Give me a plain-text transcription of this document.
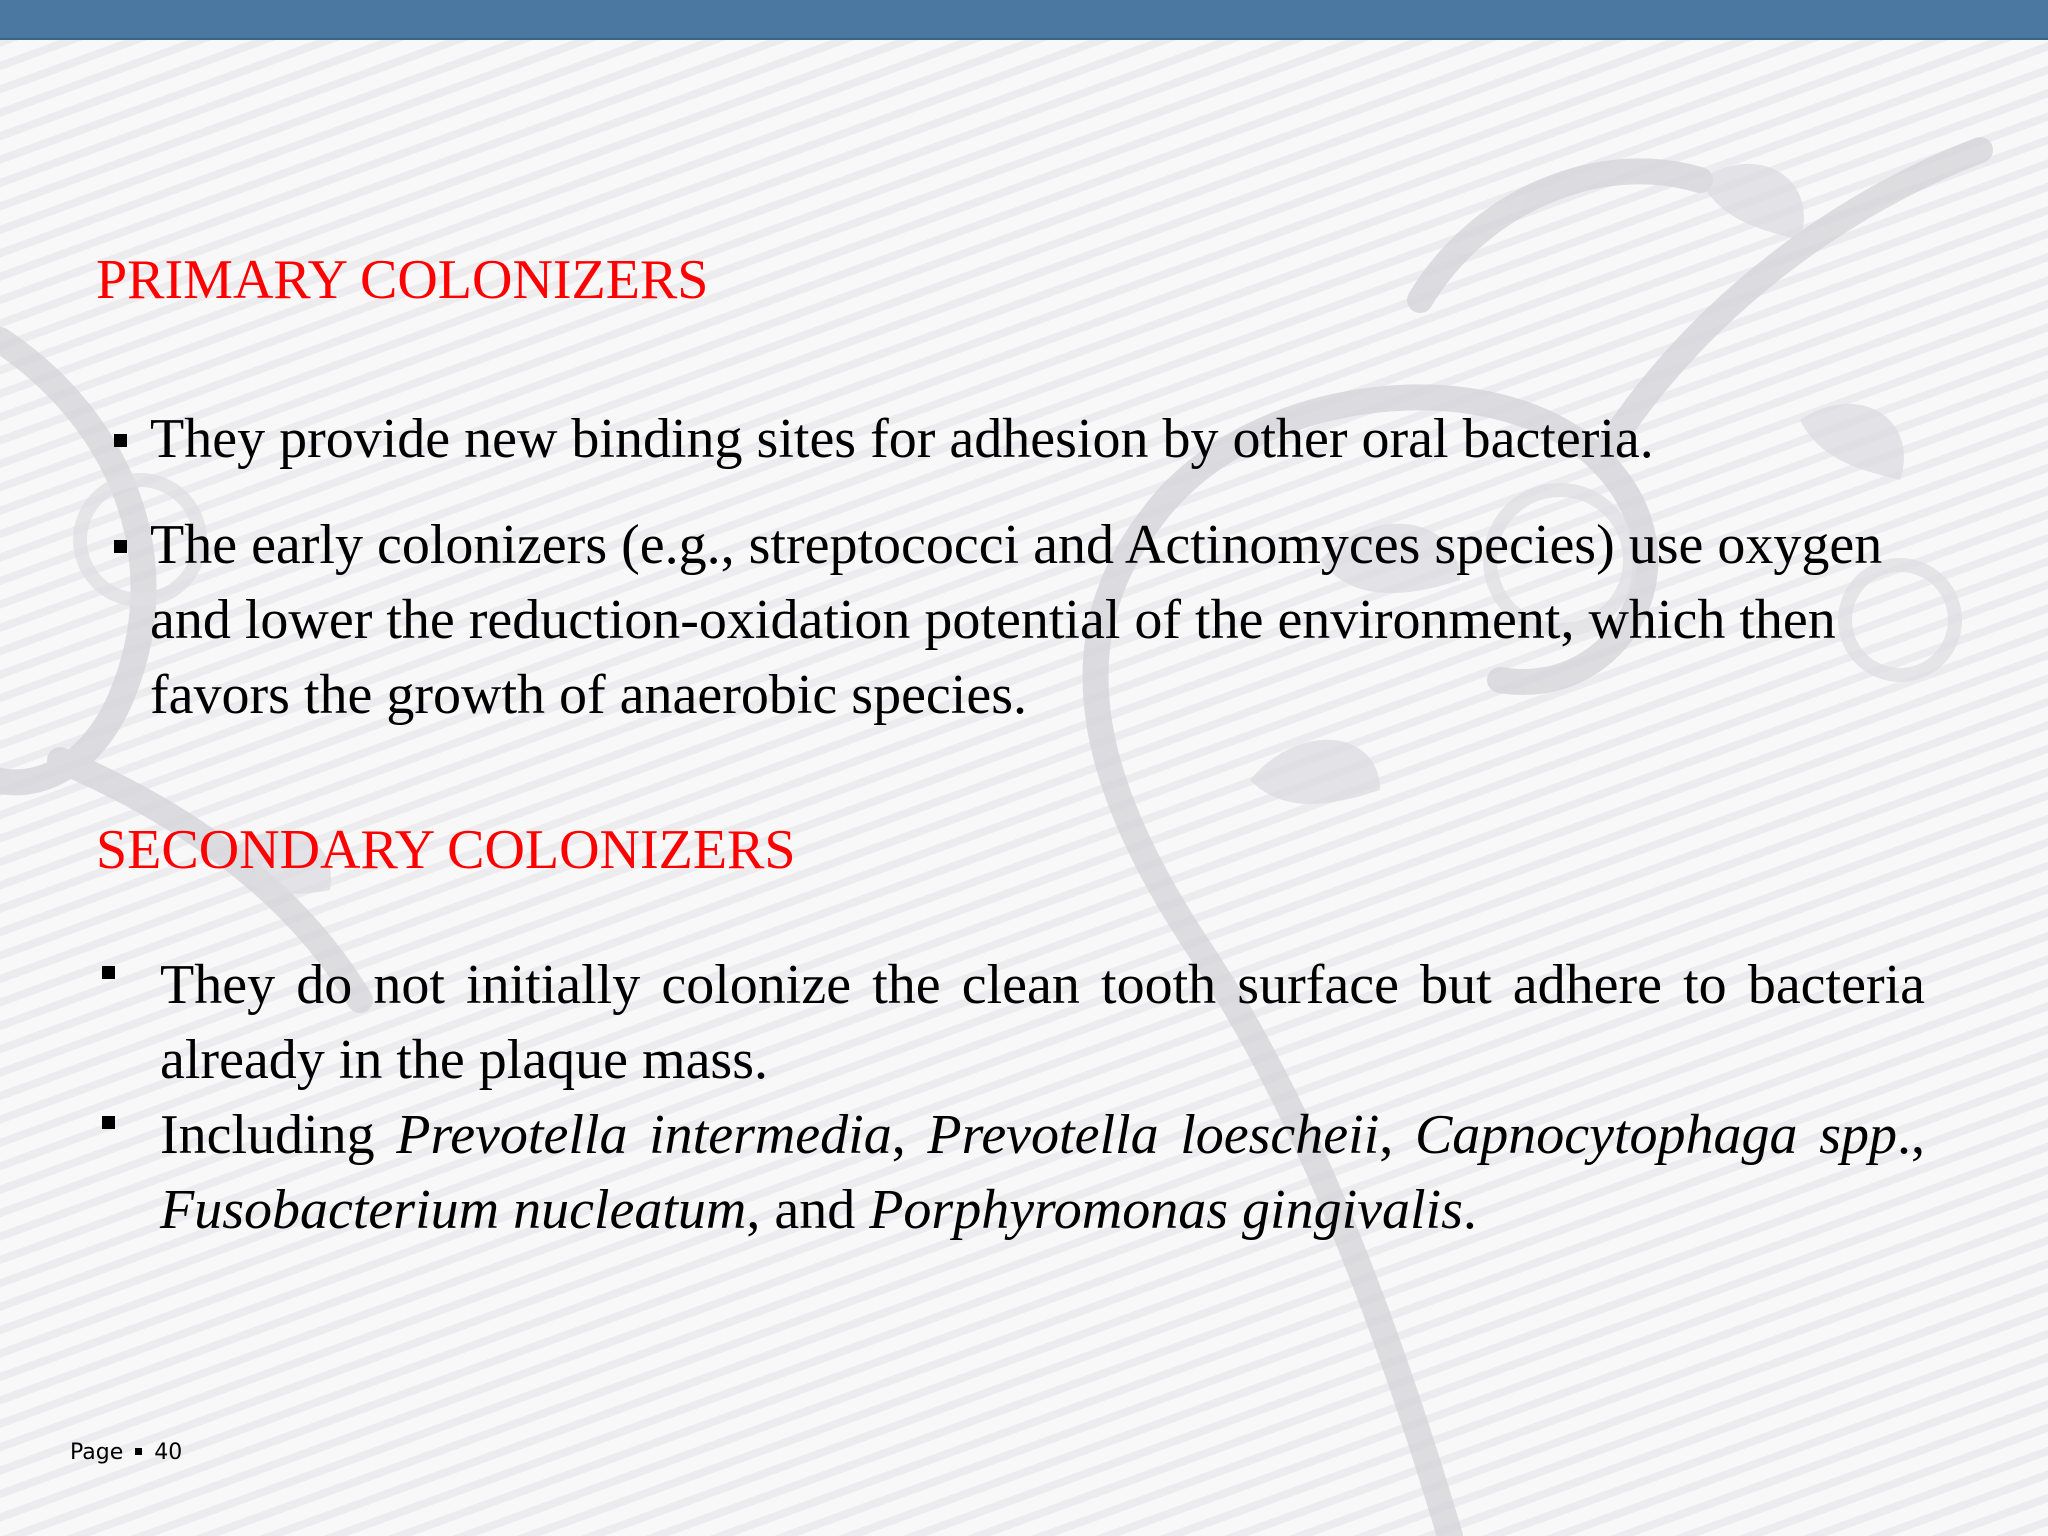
PRIMARY COLONIZERS
They provide new binding sites for adhesion by other oral bacteria.
The early colonizers (e.g., streptococci and Actinomyces species) use oxygen and lower the reduction-oxidation potential of the environment, which then favors the growth of anaerobic species.
SECONDARY COLONIZERS
They do not initially colonize the clean tooth surface but adhere to bacteria already in the plaque mass.
Including Prevotella intermedia, Prevotella loescheii, Capnocytophaga spp., Fusobacterium nucleatum, and Porphyromonas gingivalis.
Page 40
